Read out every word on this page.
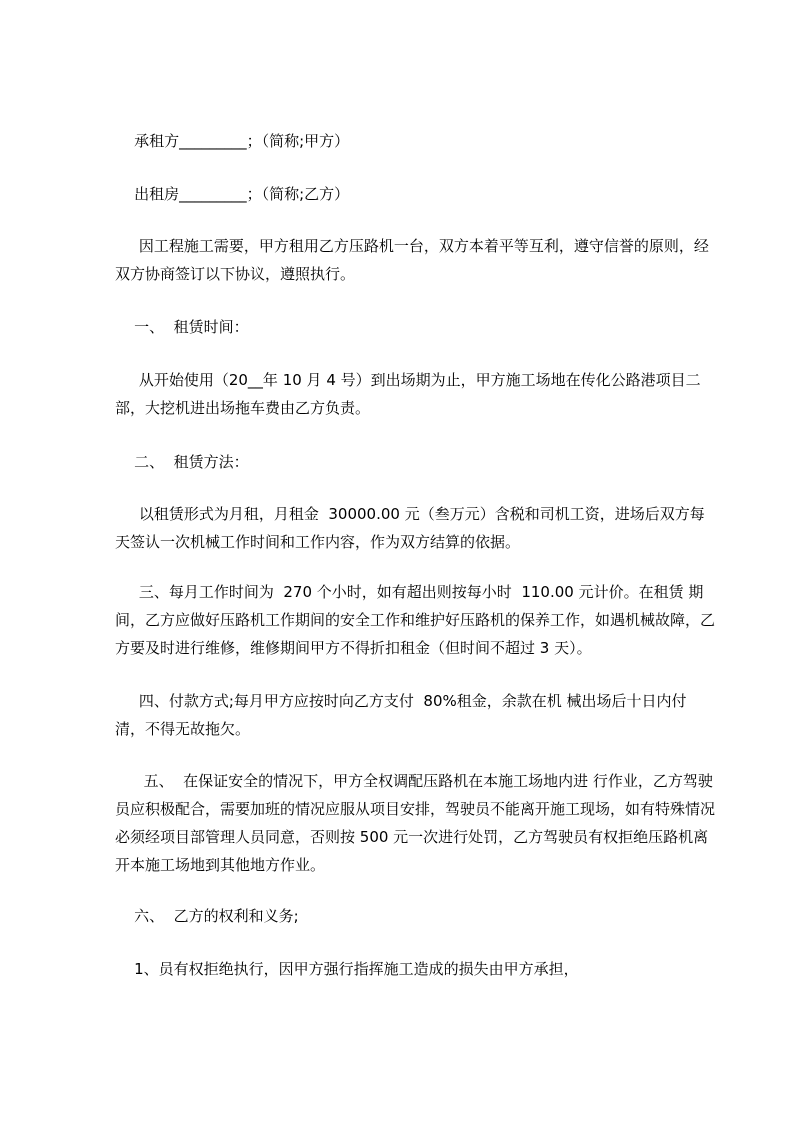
承租方_________；（简称;甲方）

出租房_________；（简称;乙方）

因工程施工需要，甲方租用乙方压路机一台，双方本着平等互利，遵守信誉的原则，经双方协商签订以下协议，遵照执行。

一、  租赁时间：

从开始使用（20__年 10 月 4 号）到出场期为止，甲方施工场地在传化公路港项目二部，大挖机进出场拖车费由乙方负责。

二、  租赁方法：

以租赁形式为月租，月租金  30000.00 元（叁万元）含税和司机工资，进场后双方每天签认一次机械工作时间和工作内容，作为双方结算的依据。

三、每月工作时间为  270 个小时，如有超出则按每小时  110.00 元计价。在租赁 期间，乙方应做好压路机工作期间的安全工作和维护好压路机的保养工作，如遇机械故障，乙方要及时进行维修，维修期间甲方不得折扣租金（但时间不超过 3 天）。

四、付款方式;每月甲方应按时向乙方支付  80%租金，余款在机 械出场后十日内付清，不得无故拖欠。

五、  在保证安全的情况下，甲方全权调配压路机在本施工场地内进 行作业，乙方驾驶员应积极配合，需要加班的情况应服从项目安排，驾驶员不能离开施工现场，如有特殊情况必须经项目部管理人员同意，否则按 500 元一次进行处罚，乙方驾驶员有权拒绝压路机离开本施工场地到其他地方作业。

六、  乙方的权利和义务;

1、员有权拒绝执行，因甲方强行指挥施工造成的损失由甲方承担，
